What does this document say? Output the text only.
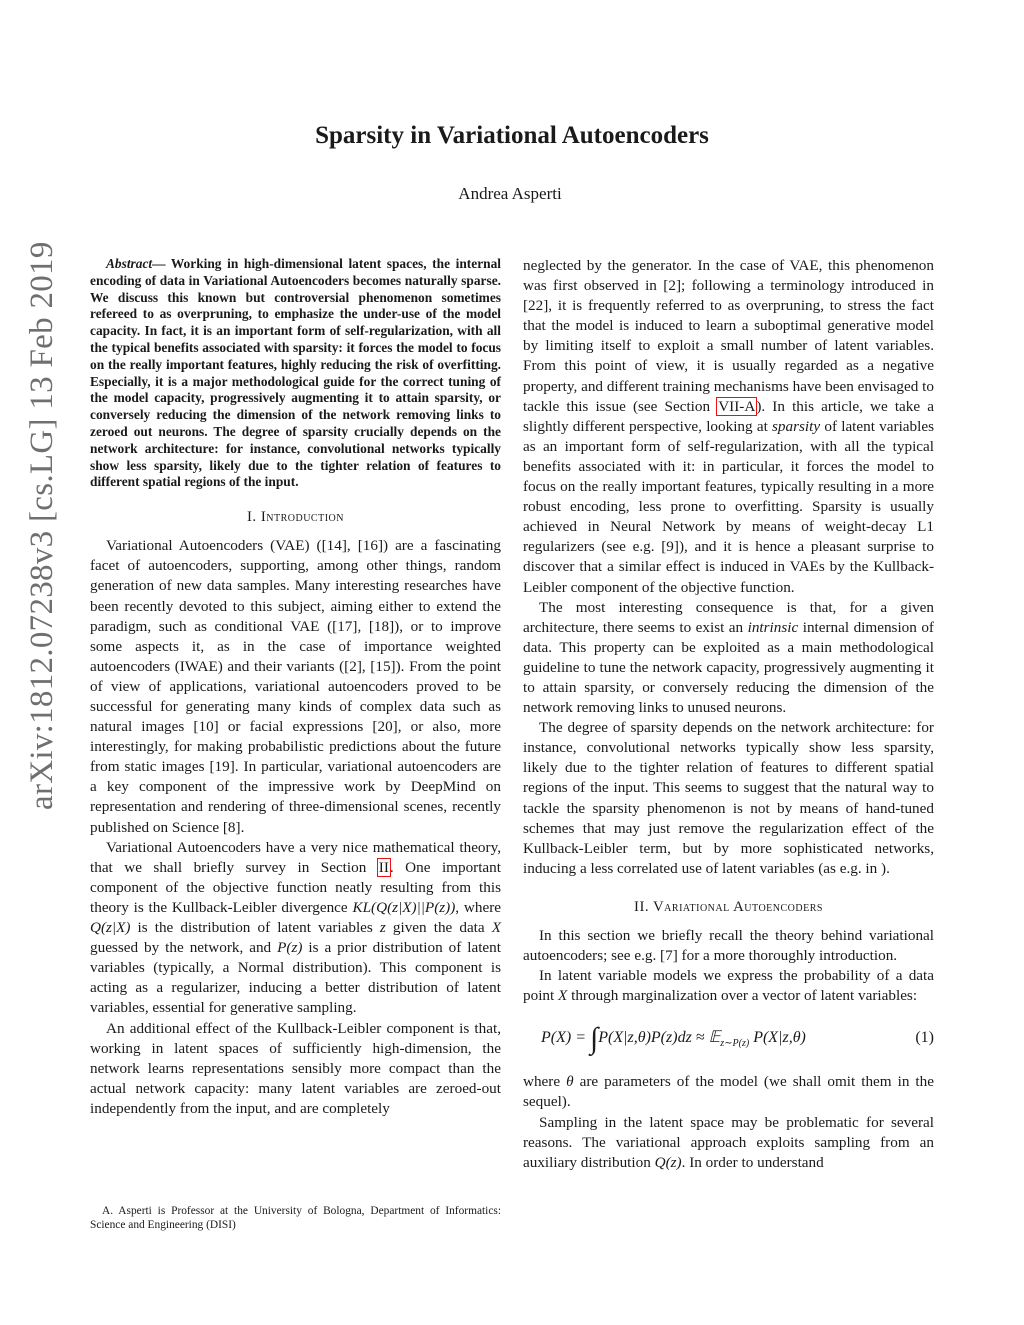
arXiv:1812.07238v3 [cs.LG] 13 Feb 2019
Sparsity in Variational Autoencoders
Andrea Asperti

Abstract— Working in high-dimensional latent spaces, the internal encoding of data in Variational Autoencoders becomes naturally sparse. We discuss this known but controversial phenomenon sometimes refereed to as overpruning, to emphasize the under-use of the model capacity. In fact, it is an important form of self-regularization, with all the typical benefits associated with sparsity: it forces the model to focus on the really important features, highly reducing the risk of overfitting. Especially, it is a major methodological guide for the correct tuning of the model capacity, progressively augmenting it to attain sparsity, or conversely reducing the dimension of the network removing links to zeroed out neurons. The degree of sparsity crucially depends on the network architecture: for instance, convolutional networks typically show less sparsity, likely due to the tighter relation of features to different spatial regions of the input.

I. Introduction

Variational Autoencoders (VAE) ([14], [16]) are a fascinating facet of autoencoders, supporting, among other things, random generation of new data samples. Many interesting researches have been recently devoted to this subject, aiming either to extend the paradigm, such as conditional VAE ([17], [18]), or to improve some aspects it, as in the case of importance weighted autoencoders (IWAE) and their variants ([2], [15]). From the point of view of applications, variational autoencoders proved to be successful for generating many kinds of complex data such as natural images [10] or facial expressions [20], or also, more interestingly, for making probabilistic predictions about the future from static images [19]. In particular, variational autoencoders are a key component of the impressive work by DeepMind on representation and rendering of three-dimensional scenes, recently published on Science [8].

Variational Autoencoders have a very nice mathematical theory, that we shall briefly survey in Section II. One important component of the objective function neatly resulting from this theory is the Kullback-Leibler divergence KL(Q(z|X)||P(z)), where Q(z|X) is the distribution of latent variables z given the data X guessed by the network, and P(z) is a prior distribution of latent variables (typically, a Normal distribution). This component is acting as a regularizer, inducing a better distribution of latent variables, essential for generative sampling.

An additional effect of the Kullback-Leibler component is that, working in latent spaces of sufficiently high-dimension, the network learns representations sensibly more compact than the actual network capacity: many latent variables are zeroed-out independently from the input, and are completely

neglected by the generator. In the case of VAE, this phenomenon was first observed in [2]; following a terminology introduced in [22], it is frequently referred to as overpruning, to stress the fact that the model is induced to learn a suboptimal generative model by limiting itself to exploit a small number of latent variables. From this point of view, it is usually regarded as a negative property, and different training mechanisms have been envisaged to tackle this issue (see Section VII-A). In this article, we take a slightly different perspective, looking at sparsity of latent variables as an important form of self-regularization, with all the typical benefits associated with it: in particular, it forces the model to focus on the really important features, typically resulting in a more robust encoding, less prone to overfitting. Sparsity is usually achieved in Neural Network by means of weight-decay L1 regularizers (see e.g. [9]), and it is hence a pleasant surprise to discover that a similar effect is induced in VAEs by the Kullback-Leibler component of the objective function.

The most interesting consequence is that, for a given architecture, there seems to exist an intrinsic internal dimension of data. This property can be exploited as a main methodological guideline to tune the network capacity, progressively augmenting it to attain sparsity, or conversely reducing the dimension of the network removing links to unused neurons.

The degree of sparsity depends on the network architecture: for instance, convolutional networks typically show less sparsity, likely due to the tighter relation of features to different spatial regions of the input. This seems to suggest that the natural way to tackle the sparsity phenomenon is not by means of hand-tuned schemes that may just remove the regularization effect of the Kullback-Leibler term, but by more sophisticated networks, inducing a less correlated use of latent variables (as e.g. in ).

II. Variational Autoencoders

In this section we briefly recall the theory behind variational autoencoders; see e.g. [7] for a more thoroughly introduction.

In latent variable models we express the probability of a data point X through marginalization over a vector of latent variables:

P(X) = ∫P(X|z,θ)P(z)dz ≈ 𝔼$_{z\sim P(z)}$ P(X|z,θ)	(1)

where θ are parameters of the model (we shall omit them in the sequel).

Sampling in the latent space may be problematic for several reasons. The variational approach exploits sampling from an auxiliary distribution Q(z). In order to understand

A. Asperti is Professor at the University of Bologna, Department of Informatics: Science and Engineering (DISI)
